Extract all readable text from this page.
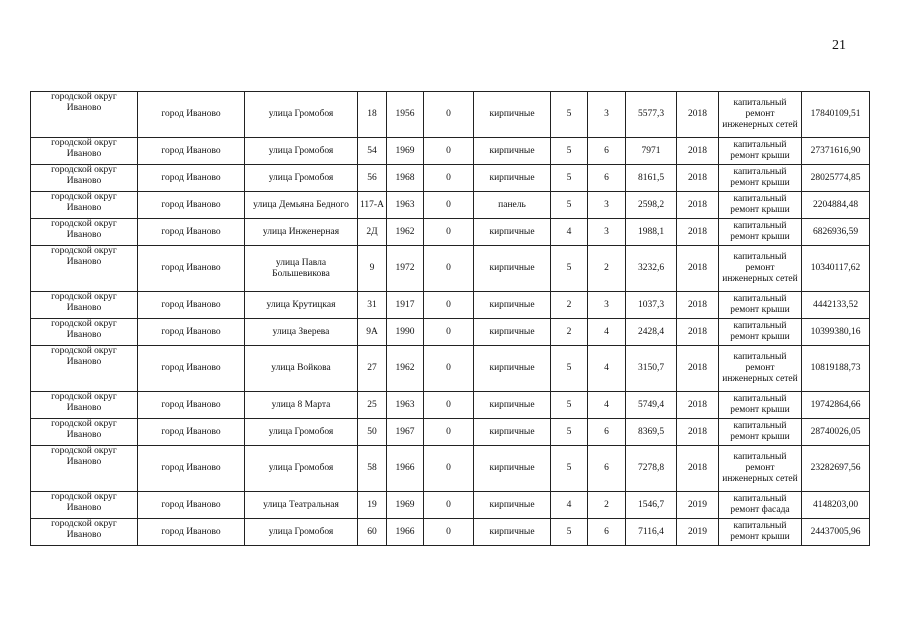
21
городской округ Иваново	город Иваново	улица Громобоя	18	1956	0	кирпичные	5	3	5577,3	2018	капитальный ремонт инженерных сетей	17840109,51
городской округ Иваново	город Иваново	улица Громобоя	54	1969	0	кирпичные	5	6	7971	2018	капитальный ремонт крыши	27371616,90
городской округ Иваново	город Иваново	улица Громобоя	56	1968	0	кирпичные	5	6	8161,5	2018	капитальный ремонт крыши	28025774,85
городской округ Иваново	город Иваново	улица Демьяна Бедного	117-А	1963	0	панель	5	3	2598,2	2018	капитальный ремонт крыши	2204884,48
городской округ Иваново	город Иваново	улица Инженерная	2Д	1962	0	кирпичные	4	3	1988,1	2018	капитальный ремонт крыши	6826936,59
городской округ Иваново	город Иваново	улица Павла Большевикова	9	1972	0	кирпичные	5	2	3232,6	2018	капитальный ремонт инженерных сетей	10340117,62
городской округ Иваново	город Иваново	улица Крутицкая	31	1917	0	кирпичные	2	3	1037,3	2018	капитальный ремонт крыши	4442133,52
городской округ Иваново	город Иваново	улица Зверева	9А	1990	0	кирпичные	2	4	2428,4	2018	капитальный ремонт крыши	10399380,16
городской округ Иваново	город Иваново	улица Войкова	27	1962	0	кирпичные	5	4	3150,7	2018	капитальный ремонт инженерных сетей	10819188,73
городской округ Иваново	город Иваново	улица 8 Марта	25	1963	0	кирпичные	5	4	5749,4	2018	капитальный ремонт крыши	19742864,66
городской округ Иваново	город Иваново	улица Громобоя	50	1967	0	кирпичные	5	6	8369,5	2018	капитальный ремонт крыши	28740026,05
городской округ Иваново	город Иваново	улица Громобоя	58	1966	0	кирпичные	5	6	7278,8	2018	капитальный ремонт инженерных сетей	23282697,56
городской округ Иваново	город Иваново	улица Театральная	19	1969	0	кирпичные	4	2	1546,7	2019	капитальный ремонт фасада	4148203,00
городской округ Иваново	город Иваново	улица Громобоя	60	1966	0	кирпичные	5	6	7116,4	2019	капитальный ремонт крыши	24437005,96
